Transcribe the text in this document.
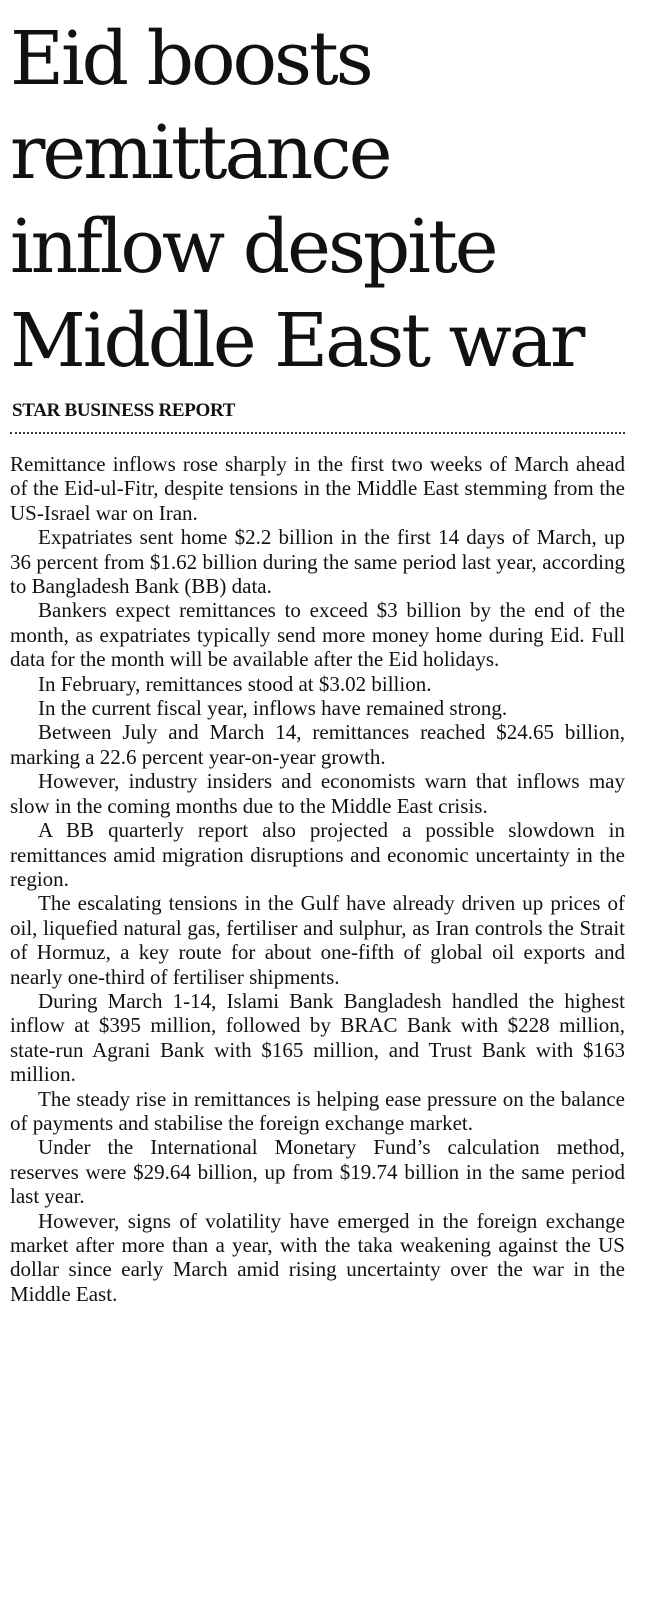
Eid boosts
remittance
inflow despite
Middle East war
STAR BUSINESS REPORT

Remittance inflows rose sharply in the first two weeks of March ahead of the Eid-ul-Fitr, despite tensions in the Middle East stemming from the US-Israel war on Iran.

Expatriates sent home $2.2 billion in the first 14 days of March, up 36 percent from $1.62 billion during the same period last year, according to Bangladesh Bank (BB) data.

Bankers expect remittances to exceed $3 billion by the end of the month, as expatriates typically send more money home during Eid. Full data for the month will be available after the Eid holidays.

In February, remittances stood at $3.02 billion.

In the current fiscal year, inflows have remained strong.

Between July and March 14, remittances reached $24.65 billion, marking a 22.6 percent year-on-year growth.

However, industry insiders and economists warn that inflows may slow in the coming months due to the Middle East crisis.

A BB quarterly report also projected a possible slowdown in remittances amid migration disruptions and economic uncertainty in the region.

The escalating tensions in the Gulf have already driven up prices of oil, liquefied natural gas, fertiliser and sulphur, as Iran controls the Strait of Hormuz, a key route for about one-fifth of global oil exports and nearly one-third of fertiliser shipments.

During March 1-14, Islami Bank Bangladesh handled the highest inflow at $395 million, followed by BRAC Bank with $228 million, state-run Agrani Bank with $165 million, and Trust Bank with $163 million.

The steady rise in remittances is helping ease pressure on the balance of payments and stabilise the foreign exchange market.

Under the International Monetary Fund’s calculation method, reserves were $29.64 billion, up from $19.74 billion in the same period last year.

However, signs of volatility have emerged in the foreign exchange market after more than a year, with the taka weakening against the US dollar since early March amid rising uncertainty over the war in the Middle East.
